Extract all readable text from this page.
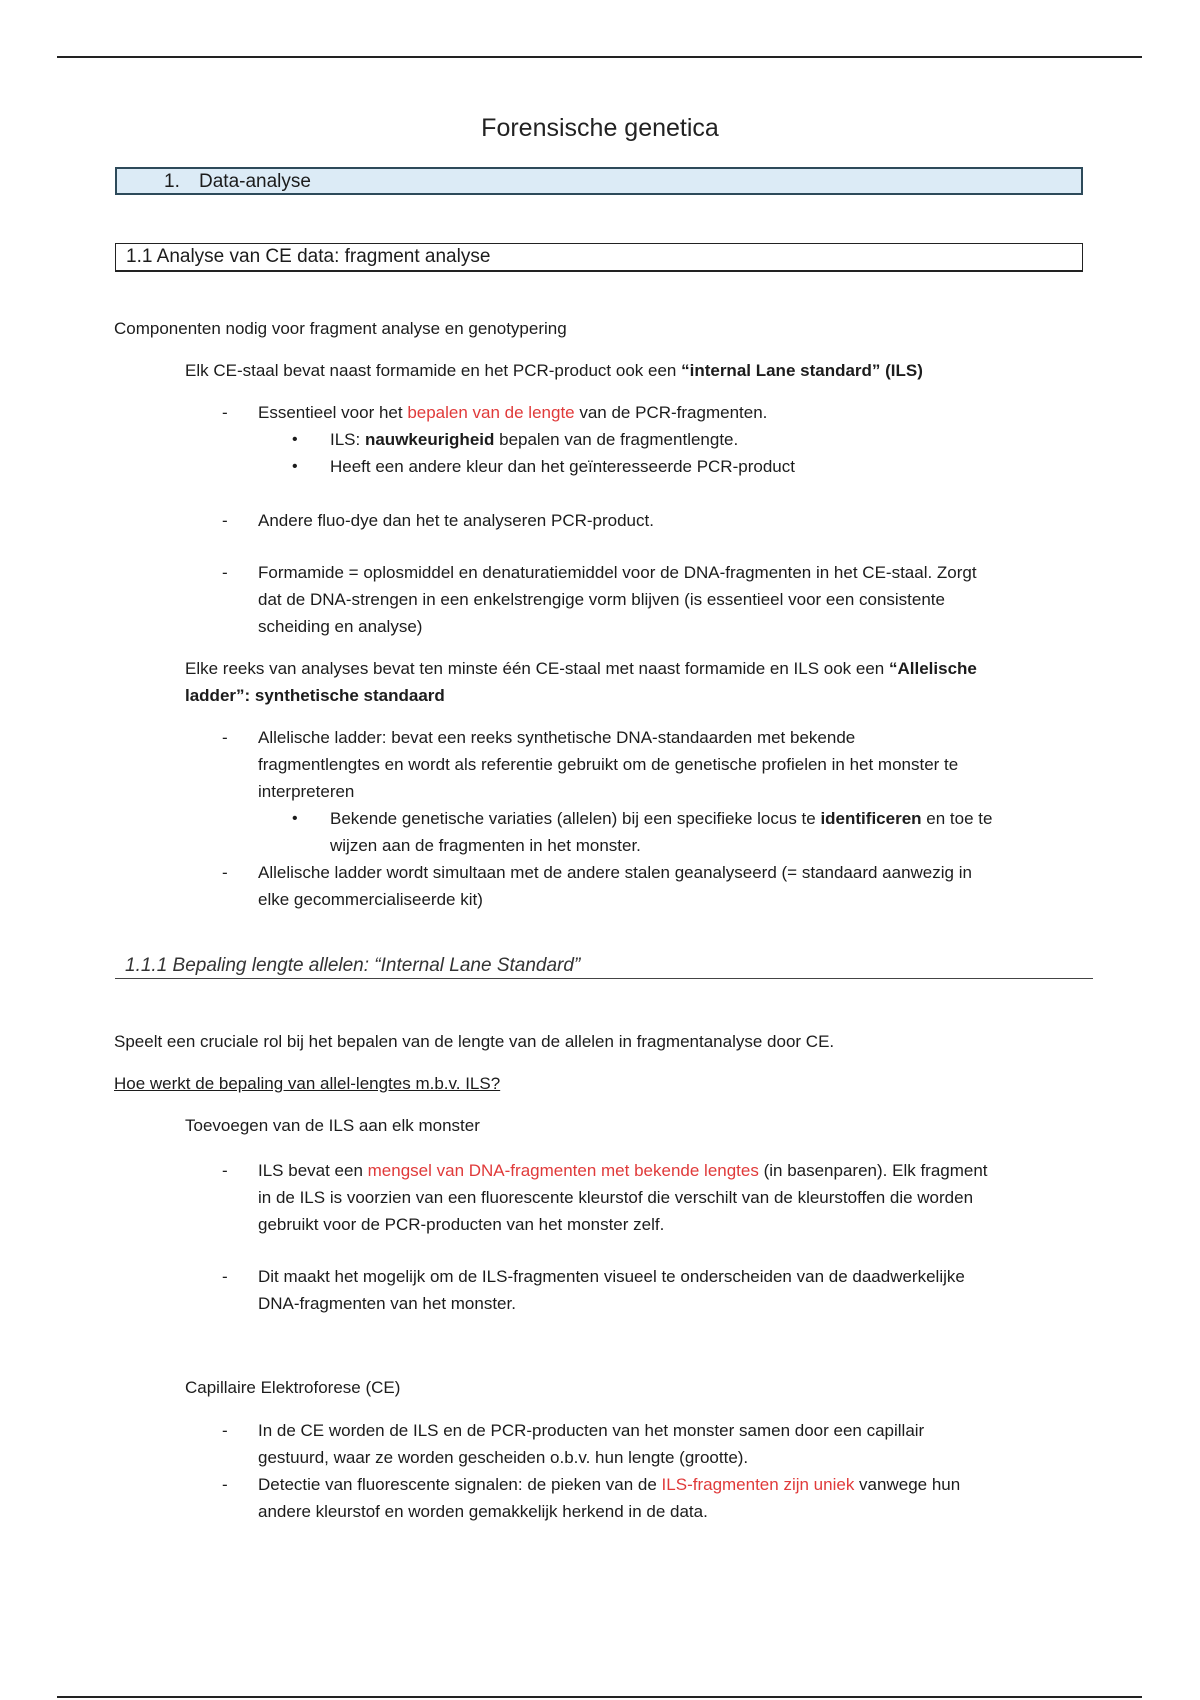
Forensische genetica
1. Data-analyse
1.1 Analyse van CE data: fragment analyse
Componenten nodig voor fragment analyse en genotypering
Elk CE-staal bevat naast formamide en het PCR-product ook een “internal Lane standard” (ILS)
- Essentieel voor het bepalen van de lengte van de PCR-fragmenten.
• ILS: nauwkeurigheid bepalen van de fragmentlengte.
• Heeft een andere kleur dan het geïnteresseerde PCR-product
- Andere fluo-dye dan het te analyseren PCR-product.
- Formamide = oplosmiddel en denaturatiemiddel voor de DNA-fragmenten in het CE-staal. Zorgt
dat de DNA-strengen in een enkelstrengige vorm blijven (is essentieel voor een consistente
scheiding en analyse)
Elke reeks van analyses bevat ten minste één CE-staal met naast formamide en ILS ook een “Allelische
ladder”: synthetische standaard
- Allelische ladder: bevat een reeks synthetische DNA-standaarden met bekende
fragmentlengtes en wordt als referentie gebruikt om de genetische profielen in het monster te
interpreteren
• Bekende genetische variaties (allelen) bij een specifieke locus te identificeren en toe te
wijzen aan de fragmenten in het monster.
- Allelische ladder wordt simultaan met de andere stalen geanalyseerd (= standaard aanwezig in
elke gecommercialiseerde kit)
1.1.1 Bepaling lengte allelen: “Internal Lane Standard”
Speelt een cruciale rol bij het bepalen van de lengte van de allelen in fragmentanalyse door CE.
Hoe werkt de bepaling van allel-lengtes m.b.v. ILS?
Toevoegen van de ILS aan elk monster
- ILS bevat een mengsel van DNA-fragmenten met bekende lengtes (in basenparen). Elk fragment
in de ILS is voorzien van een fluorescente kleurstof die verschilt van de kleurstoffen die worden
gebruikt voor de PCR-producten van het monster zelf.
- Dit maakt het mogelijk om de ILS-fragmenten visueel te onderscheiden van de daadwerkelijke
DNA-fragmenten van het monster.
Capillaire Elektroforese (CE)
- In de CE worden de ILS en de PCR-producten van het monster samen door een capillair
gestuurd, waar ze worden gescheiden o.b.v. hun lengte (grootte).
- Detectie van fluorescente signalen: de pieken van de ILS-fragmenten zijn uniek vanwege hun
andere kleurstof en worden gemakkelijk herkend in de data.
